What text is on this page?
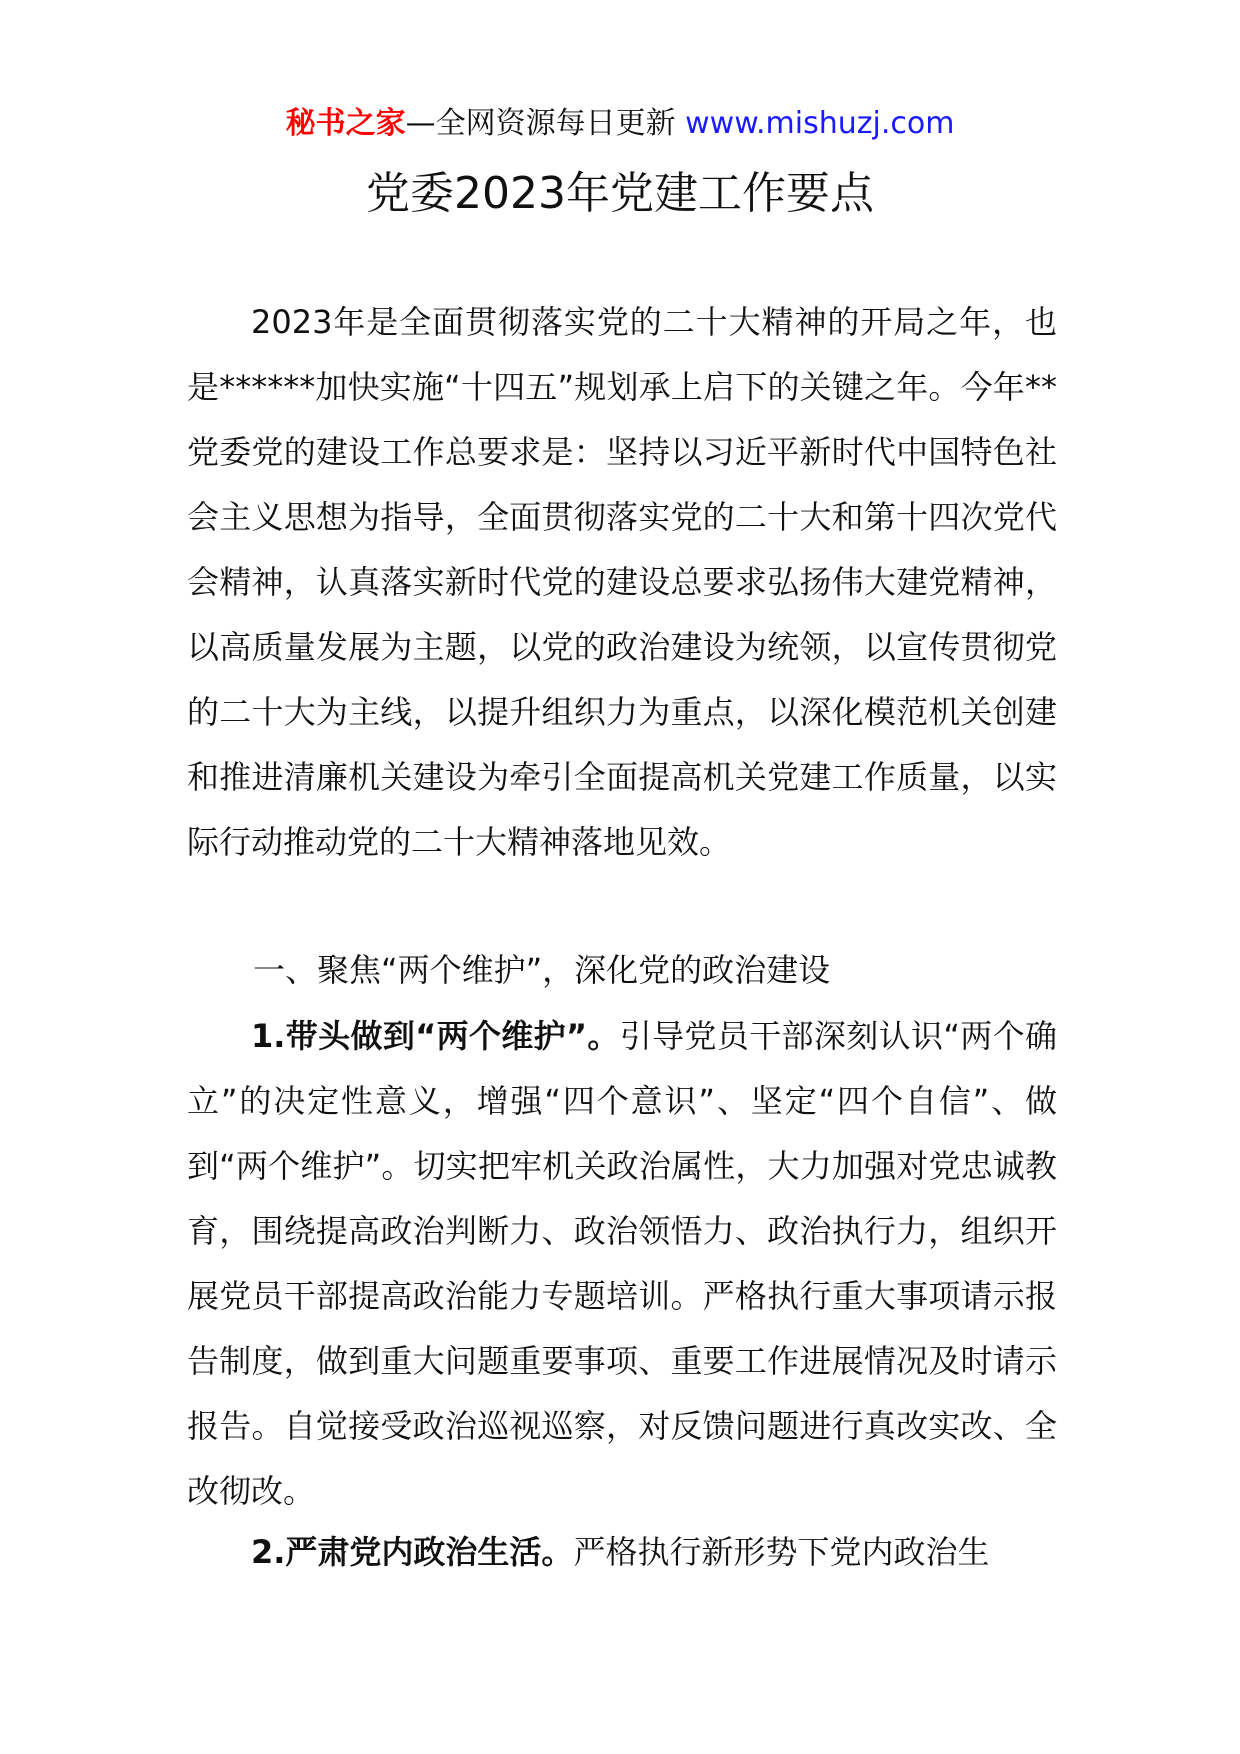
秘书之家—全网资源每日更新 www.mishuzj.com
党委2023年党建工作要点

2023年是全面贯彻落实党的二十大精神的开局之年，也是******加快实施“十四五”规划承上启下的关键之年。今年**党委党的建设工作总要求是：坚持以习近平新时代中国特色社会主义思想为指导，全面贯彻落实党的二十大和第十四次党代会精神，认真落实新时代党的建设总要求弘扬伟大建党精神，以高质量发展为主题，以党的政治建设为统领，以宣传贯彻党的二十大为主线，以提升组织力为重点，以深化模范机关创建和推进清廉机关建设为牵引全面提高机关党建工作质量，以实际行动推动党的二十大精神落地见效。

一、聚焦“两个维护”，深化党的政治建设

1.带头做到“两个维护”。引导党员干部深刻认识“两个确立”的决定性意义，增强“四个意识”、坚定“四个自信”、做到“两个维护”。切实把牢机关政治属性，大力加强对党忠诚教育，围绕提高政治判断力、政治领悟力、政治执行力，组织开展党员干部提高政治能力专题培训。严格执行重大事项请示报告制度，做到重大问题重要事项、重要工作进展情况及时请示报告。自觉接受政治巡视巡察，对反馈问题进行真改实改、全改彻改。

2.严肃党内政治生活。严格执行新形势下党内政治生
